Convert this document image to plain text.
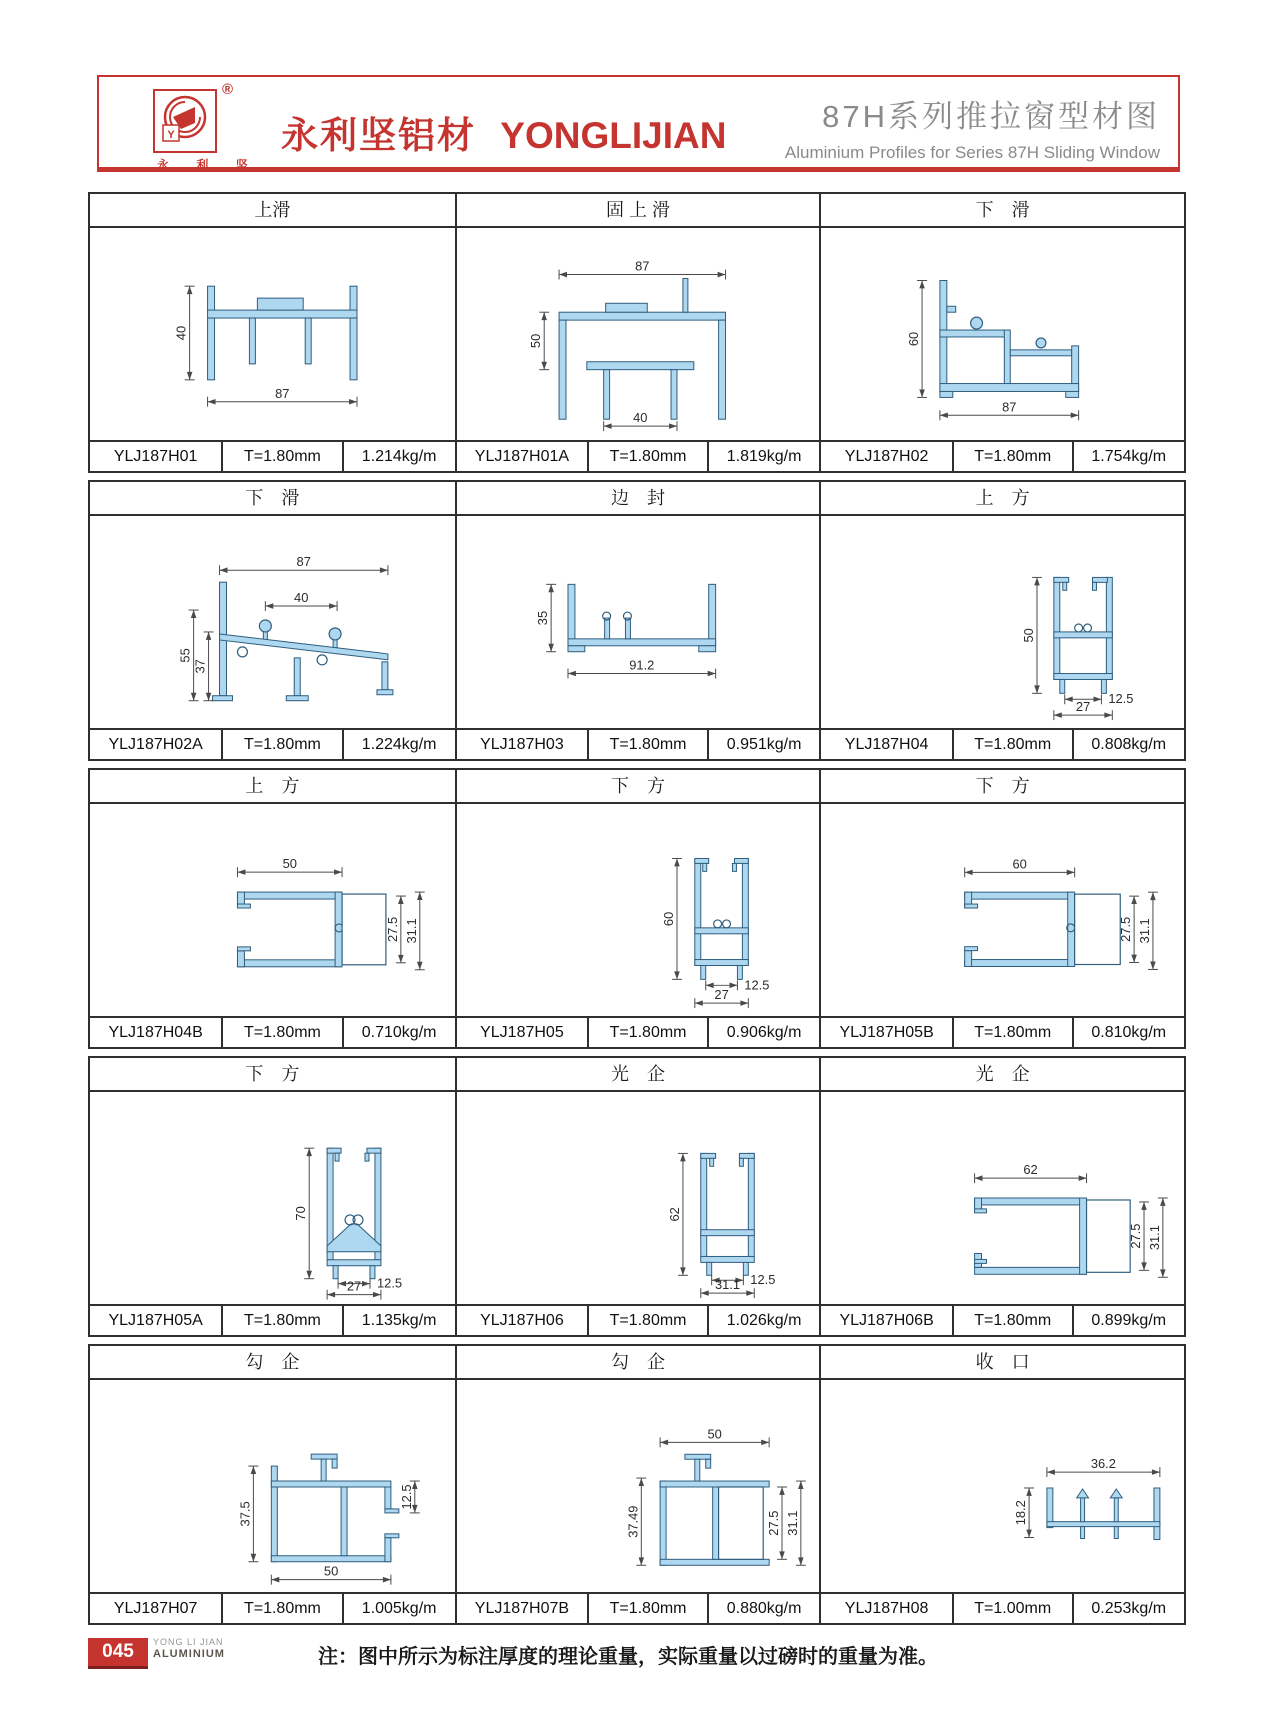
Y
®
永 利 坚
永利坚铝材 YONGLIJIAN	87H系列推拉窗型材图
Aluminium Profiles for Series 87H Sliding Window
上滑
40
87
YLJ187H01	T=1.80mm	1.214kg/m
固 上 滑
87
50
40
YLJ187H01A	T=1.80mm	1.819kg/m
下　滑
60
87
YLJ187H02	T=1.80mm	1.754kg/m
下　滑
87
40
55
37
YLJ187H02A	T=1.80mm	1.224kg/m
边　封
35
91.2
YLJ187H03	T=1.80mm	0.951kg/m
上　方
50
12.5
27
YLJ187H04	T=1.80mm	0.808kg/m
上　方
50
27.5 31.1
YLJ187H04B	T=1.80mm	0.710kg/m
下　方
60
12.5
27
YLJ187H05	T=1.80mm	0.906kg/m
下　方
60
27.5 31.1
YLJ187H05B	T=1.80mm	0.810kg/m
下　方
70
12.5
27
YLJ187H05A	T=1.80mm	1.135kg/m
光　企
62
12.5
31.1
YLJ187H06	T=1.80mm	1.026kg/m
光　企
62
27.5 31.1
YLJ187H06B	T=1.80mm	0.899kg/m
勾　企
37.5
12.5
50
YLJ187H07	T=1.80mm	1.005kg/m
勾　企
50
37.49	27.5 31.1
YLJ187H07B	T=1.80mm	0.880kg/m
收　口
36.2
18.2
YLJ187H08	T=1.00mm	0.253kg/m
045	YONG LI JIAN
ALUMINIUM	注：图中所示为标注厚度的理论重量，实际重量以过磅时的重量为准。
